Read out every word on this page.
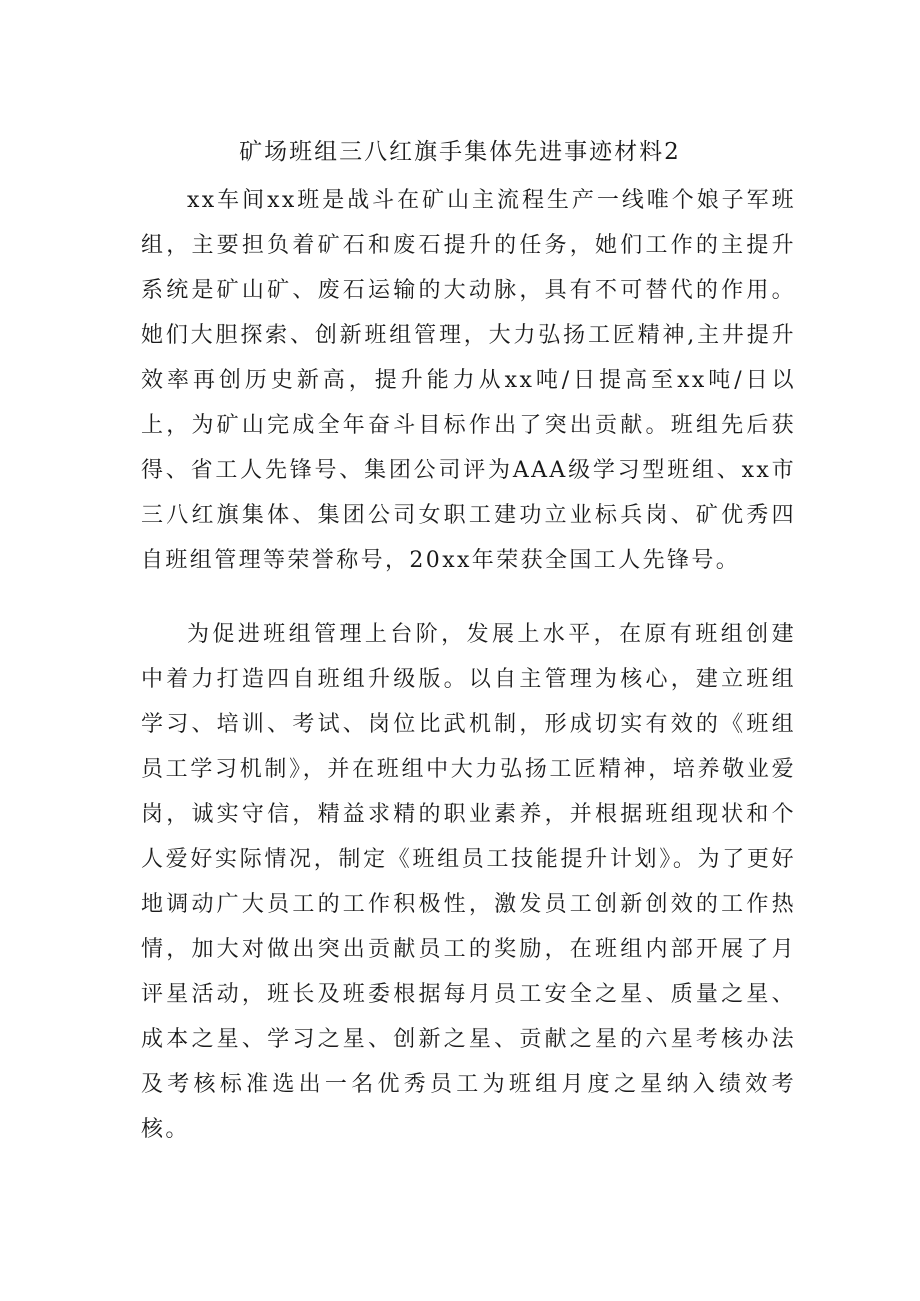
矿场班组三八红旗手集体先进事迹材料2

xx车间xx班是战斗在矿山主流程生产一线唯个娘子军班组，主要担负着矿石和废石提升的任务，她们工作的主提升系统是矿山矿、废石运输的大动脉，具有不可替代的作用。她们大胆探索、创新班组管理，大力弘扬工匠精神,主井提升效率再创历史新高，提升能力从xx吨/日提高至xx吨/日以上，为矿山完成全年奋斗目标作出了突出贡献。班组先后获得、省工人先锋号、集团公司评为AAA级学习型班组、xx市三八红旗集体、集团公司女职工建功立业标兵岗、矿优秀四自班组管理等荣誉称号，20xx年荣获全国工人先锋号。

为促进班组管理上台阶，发展上水平，在原有班组创建中着力打造四自班组升级版。以自主管理为核心，建立班组学习、培训、考试、岗位比武机制，形成切实有效的《班组员工学习机制》，并在班组中大力弘扬工匠精神，培养敬业爱岗，诚实守信，精益求精的职业素养，并根据班组现状和个人爱好实际情况，制定《班组员工技能提升计划》。为了更好地调动广大员工的工作积极性，激发员工创新创效的工作热情，加大对做出突出贡献员工的奖励，在班组内部开展了月评星活动，班长及班委根据每月员工安全之星、质量之星、成本之星、学习之星、创新之星、贡献之星的六星考核办法及考核标准选出一名优秀员工为班组月度之星纳入绩效考核。
